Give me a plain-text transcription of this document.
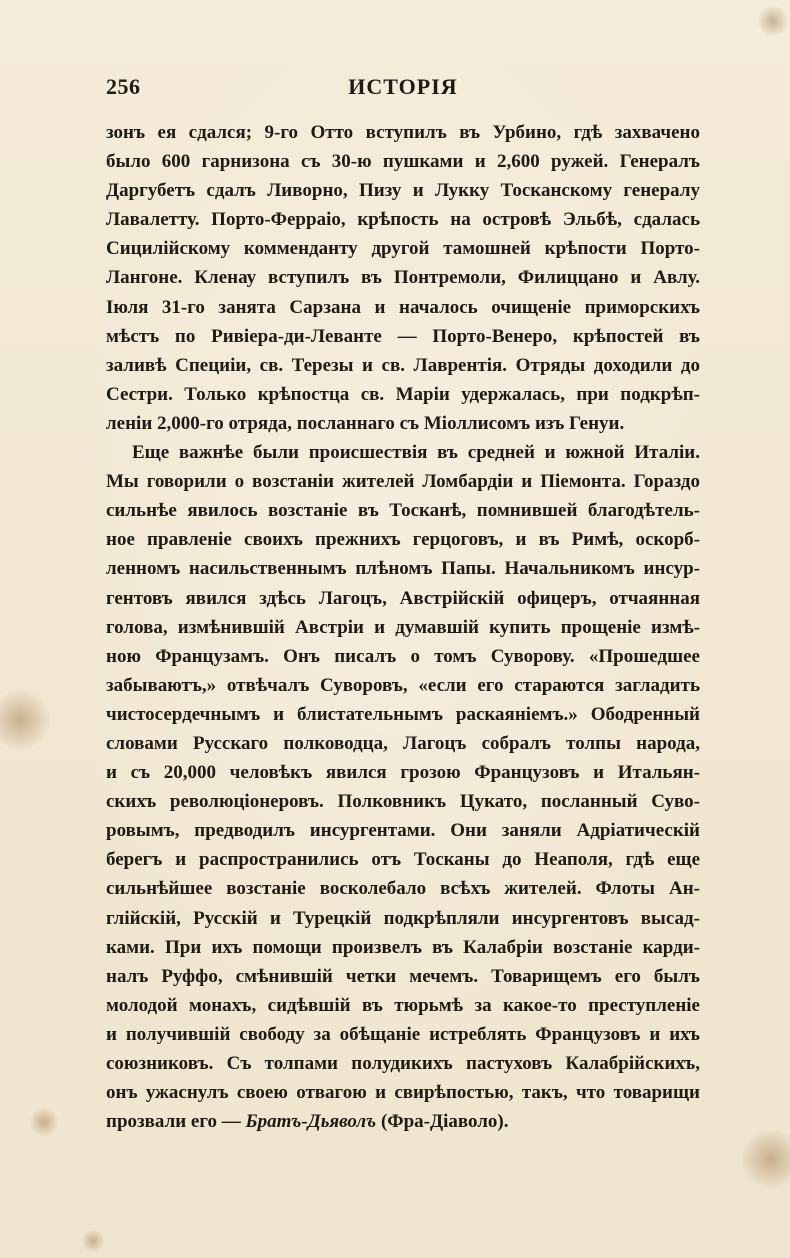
256	ИСТОРІЯ
зонъ ея сдался; 9-го Отто вступилъ въ Урбино, гдѣ захвачено
было 600 гарнизона съ 30-ю пушками и 2,600 ружей. Генералъ
Даргубетъ сдалъ Ливорно, Пизу и Лукку Тосканскому генералу
Лавалетту. Порто-Ферраіо, крѣпость на островѣ Эльбѣ, сдалась
Сицилійскому комменданту другой тамошней крѣпости Порто-
Лангоне. Кленау вступилъ въ Понтремоли, Филиццано и Авлу.
Іюля 31-го занята Сарзана и началось очищеніе приморскихъ
мѣстъ по Ривіера-ди-Леванте — Порто-Венеро, крѣпостей въ
заливѣ Специіи, св. Терезы и св. Лаврентія. Отряды доходили до
Сестри. Только крѣпостца св. Маріи удержалась, при подкрѣп-
леніи 2,000-го отряда, посланнаго съ Міоллисомъ изъ Генуи.
Еще важнѣе были происшествія въ средней и южной Италіи.
Мы говорили о возстаніи жителей Ломбардіи и Піемонта. Гораздо
сильнѣе явилось возстаніе въ Тосканѣ, помнившей благодѣтель-
ное правленіе своихъ прежнихъ герцоговъ, и въ Римѣ, оскорб-
ленномъ насильственнымъ плѣномъ Папы. Начальникомъ инсур-
гентовъ явился здѣсь Лагоцъ, Австрійскій офицеръ, отчаянная
голова, измѣнившій Австріи и думавшій купить прощеніе измѣ-
ною Французамъ. Онъ писалъ о томъ Суворову. «Прошедшее
забываютъ,» отвѣчалъ Суворовъ, «если его стараются загладить
чистосердечнымъ и блистательнымъ раскаяніемъ.» Ободренный
словами Русскаго полководца, Лагоцъ собралъ толпы народа,
и съ 20,000 человѣкъ явился грозою Французовъ и Итальян-
скихъ революціонеровъ. Полковникъ Цукато, посланный Суво-
ровымъ, предводилъ инсургентами. Они заняли Адріатическій
берегъ и распространились отъ Тосканы до Неаполя, гдѣ еще
сильнѣйшее возстаніе восколебало всѣхъ жителей. Флоты Ан-
глійскій, Русскій и Турецкій подкрѣпляли инсургентовъ высад-
ками. При ихъ помощи произвелъ въ Калабріи возстаніе карди-
налъ Руффо, смѣнившій четки мечемъ. Товарищемъ его былъ
молодой монахъ, сидѣвшій въ тюрьмѣ за какое-то преступленіе
и получившій свободу за обѣщаніе истреблять Французовъ и ихъ
союзниковъ. Съ толпами полудикихъ пастуховъ Калабрійскихъ,
онъ ужаснулъ своею отвагою и свирѣпостью, такъ, что товарищи
прозвали его — Братъ-Дьяволъ (Фра-Діаволо).
